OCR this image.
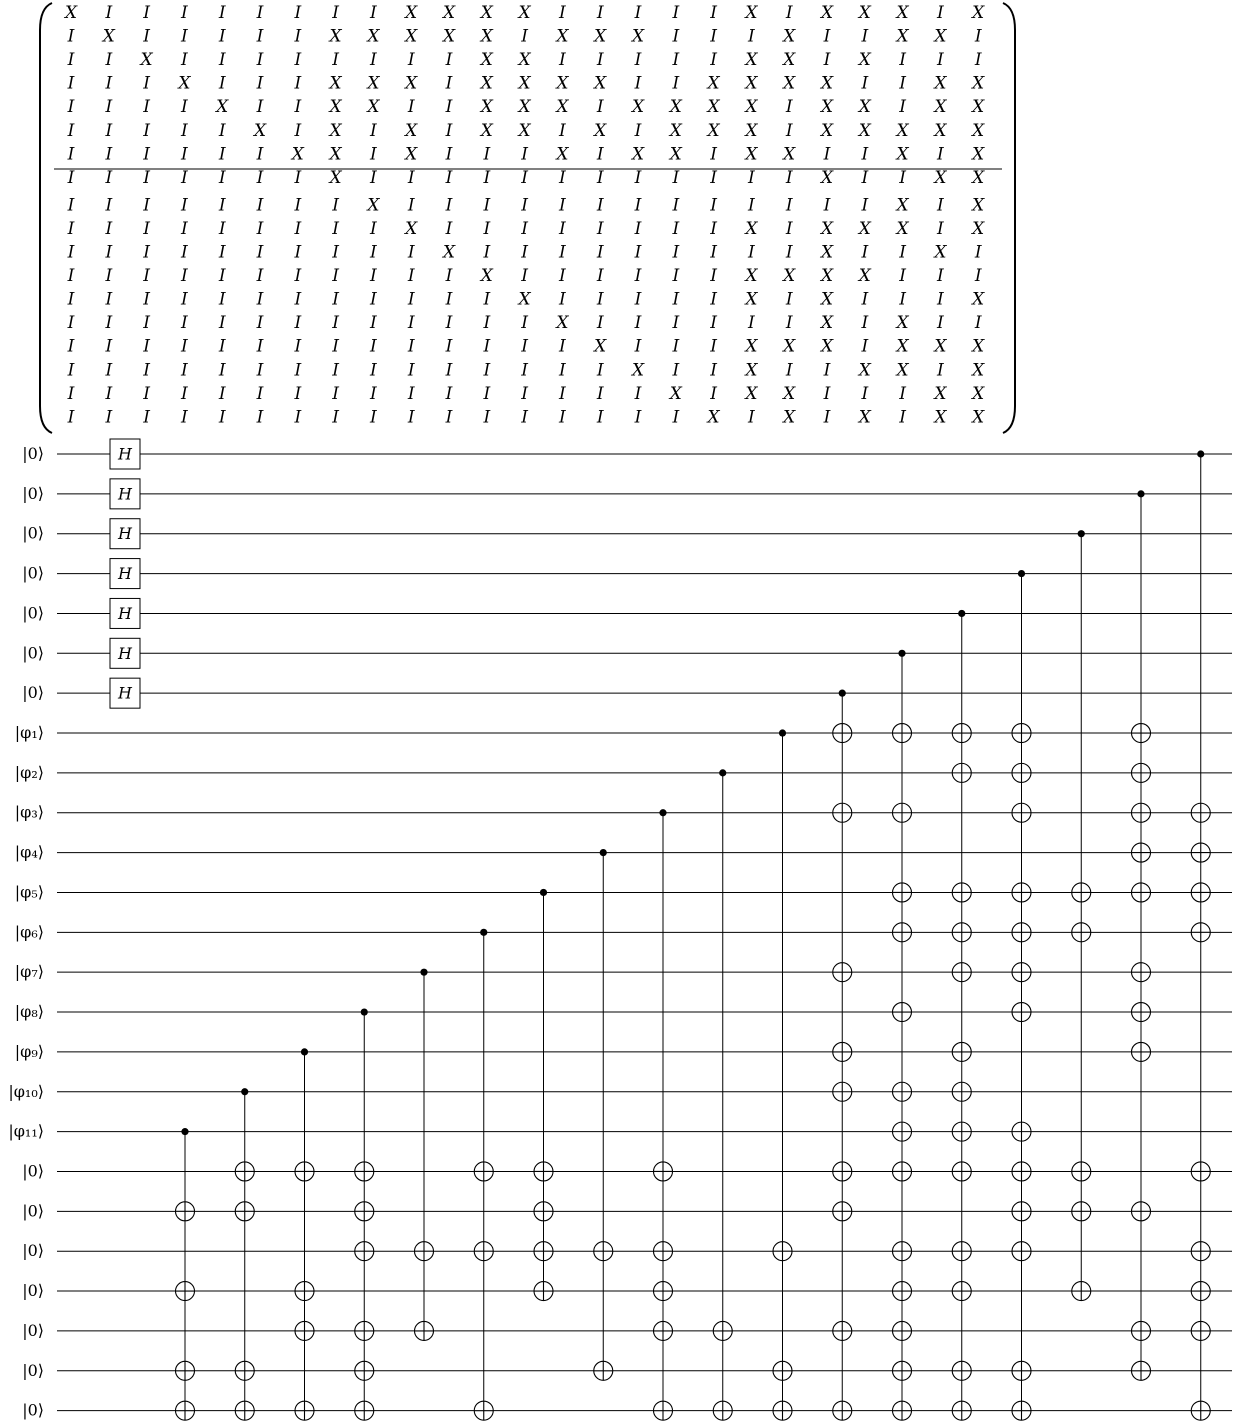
X I I I I I I I I X X X X I I I I I X I X X X I X
I X I I I I I X X X X X I X X X I I I X I I X X I
I I X I I I I I I I I X X I I I I I X X I X I I I
I I I X I I I X X X I X X X X I I X X X X I I X X
I I I I X I I X X I I X X X I X X X X I X X I X X
I I I I I X I X I X I X X I X I X X X I X X X X X
I I I I I I X X I X I I I X I X X I X X I I X I X
I I I I I I I X I I I I I I I I I I I I X I I X X
I I I I I I I I X I I I I I I I I I I I I I X I X
I I I I I I I I I X I I I I I I I I X I X X X I X
I I I I I I I I I I X I I I I I I I I I X I I X I
I I I I I I I I I I I X I I I I I I X X X X I I I
I I I I I I I I I I I I X I I I I I X I X I I I X
I I I I I I I I I I I I I X I I I I I I X I X I I
I I I I I I I I I I I I I I X I I I X X X I X X X
I I I I I I I I I I I I I I I X I I X I I X X I X
I I I I I I I I I I I I I I I I X I X X I I I X X
I I I I I I I I I I I I I I I I I X I X I X I X X
H
H
H
H
H
H
H
|0⟩
|0⟩
|0⟩
|0⟩
|0⟩
|0⟩
|0⟩
|φ₁⟩
|φ₂⟩
|φ₃⟩
|φ₄⟩
|φ₅⟩
|φ₆⟩
|φ₇⟩
|φ₈⟩
|φ₉⟩
|φ₁₀⟩
|φ₁₁⟩
|0⟩
|0⟩
|0⟩
|0⟩
|0⟩
|0⟩
|0⟩
